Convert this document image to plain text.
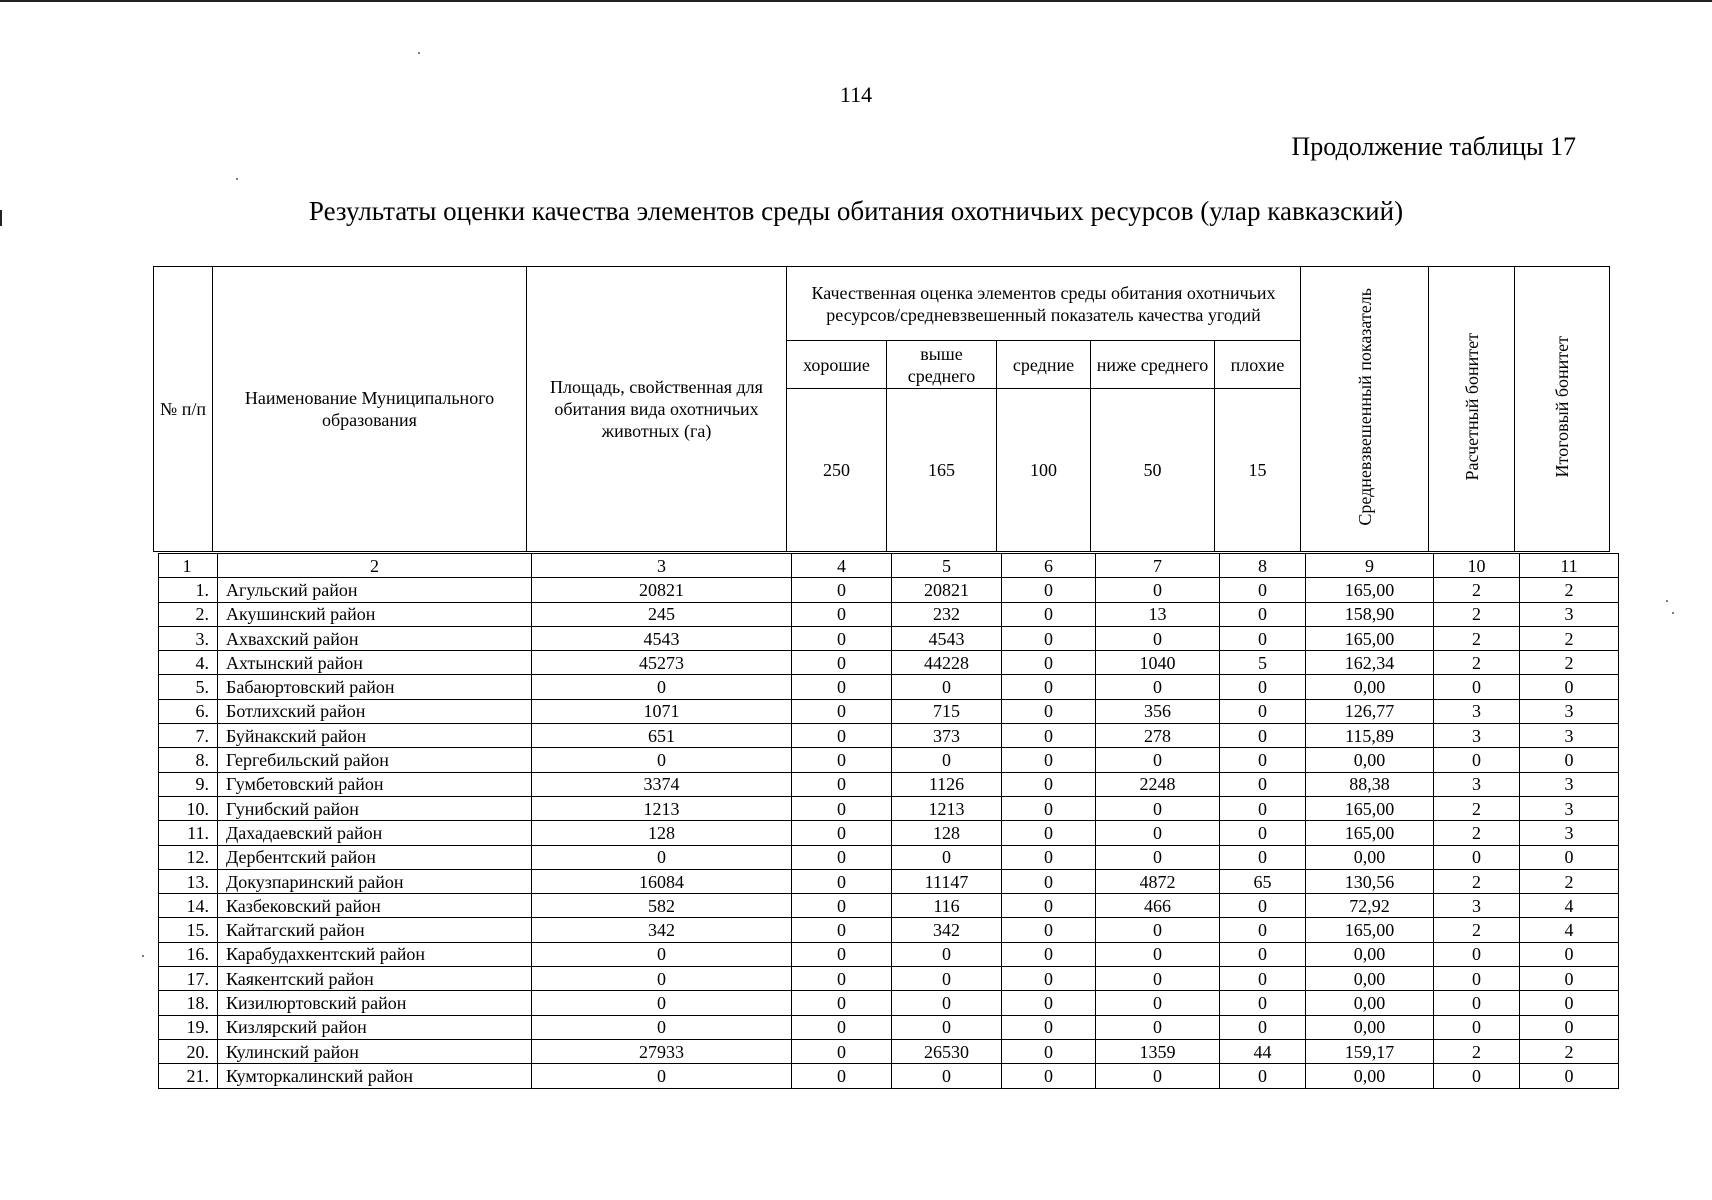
114
Продолжение таблицы 17
Результаты оценки качества элементов среды обитания охотничьих ресурсов (улар кавказский)
№ п/п	Наименование Муниципального образования	Площадь, свойственная для обитания вида охотничьих животных (га)	Качественная оценка элементов среды обитания охотничьих ресурсов/средневзвешенный показатель качества угодий					Средневзвешенный показатель	Расчетный бонитет	Итоговый бонитет
			хорошие	выше среднего	средние	ниже среднего	плохие			
			250	165	100	50	15			
1	2	3	4	5	6	7	8	9	10	11
1.	Агульский район	20821	0	20821	0	0	0	165,00	2	2
2.	Акушинский район	245	0	232	0	13	0	158,90	2	3
3.	Ахвахский район	4543	0	4543	0	0	0	165,00	2	2
4.	Ахтынский район	45273	0	44228	0	1040	5	162,34	2	2
5.	Бабаюртовский район	0	0	0	0	0	0	0,00	0	0
6.	Ботлихский район	1071	0	715	0	356	0	126,77	3	3
7.	Буйнакский район	651	0	373	0	278	0	115,89	3	3
8.	Гергебильский район	0	0	0	0	0	0	0,00	0	0
9.	Гумбетовский район	3374	0	1126	0	2248	0	88,38	3	3
10.	Гунибский район	1213	0	1213	0	0	0	165,00	2	3
11.	Дахадаевский район	128	0	128	0	0	0	165,00	2	3
12.	Дербентский район	0	0	0	0	0	0	0,00	0	0
13.	Докузпаринский район	16084	0	11147	0	4872	65	130,56	2	2
14.	Казбековский район	582	0	116	0	466	0	72,92	3	4
15.	Кайтагский район	342	0	342	0	0	0	165,00	2	4
16.	Карабудахкентский район	0	0	0	0	0	0	0,00	0	0
17.	Каякентский район	0	0	0	0	0	0	0,00	0	0
18.	Кизилюртовский район	0	0	0	0	0	0	0,00	0	0
19.	Кизлярский район	0	0	0	0	0	0	0,00	0	0
20.	Кулинский район	27933	0	26530	0	1359	44	159,17	2	2
21.	Кумторкалинский район	0	0	0	0	0	0	0,00	0	0
